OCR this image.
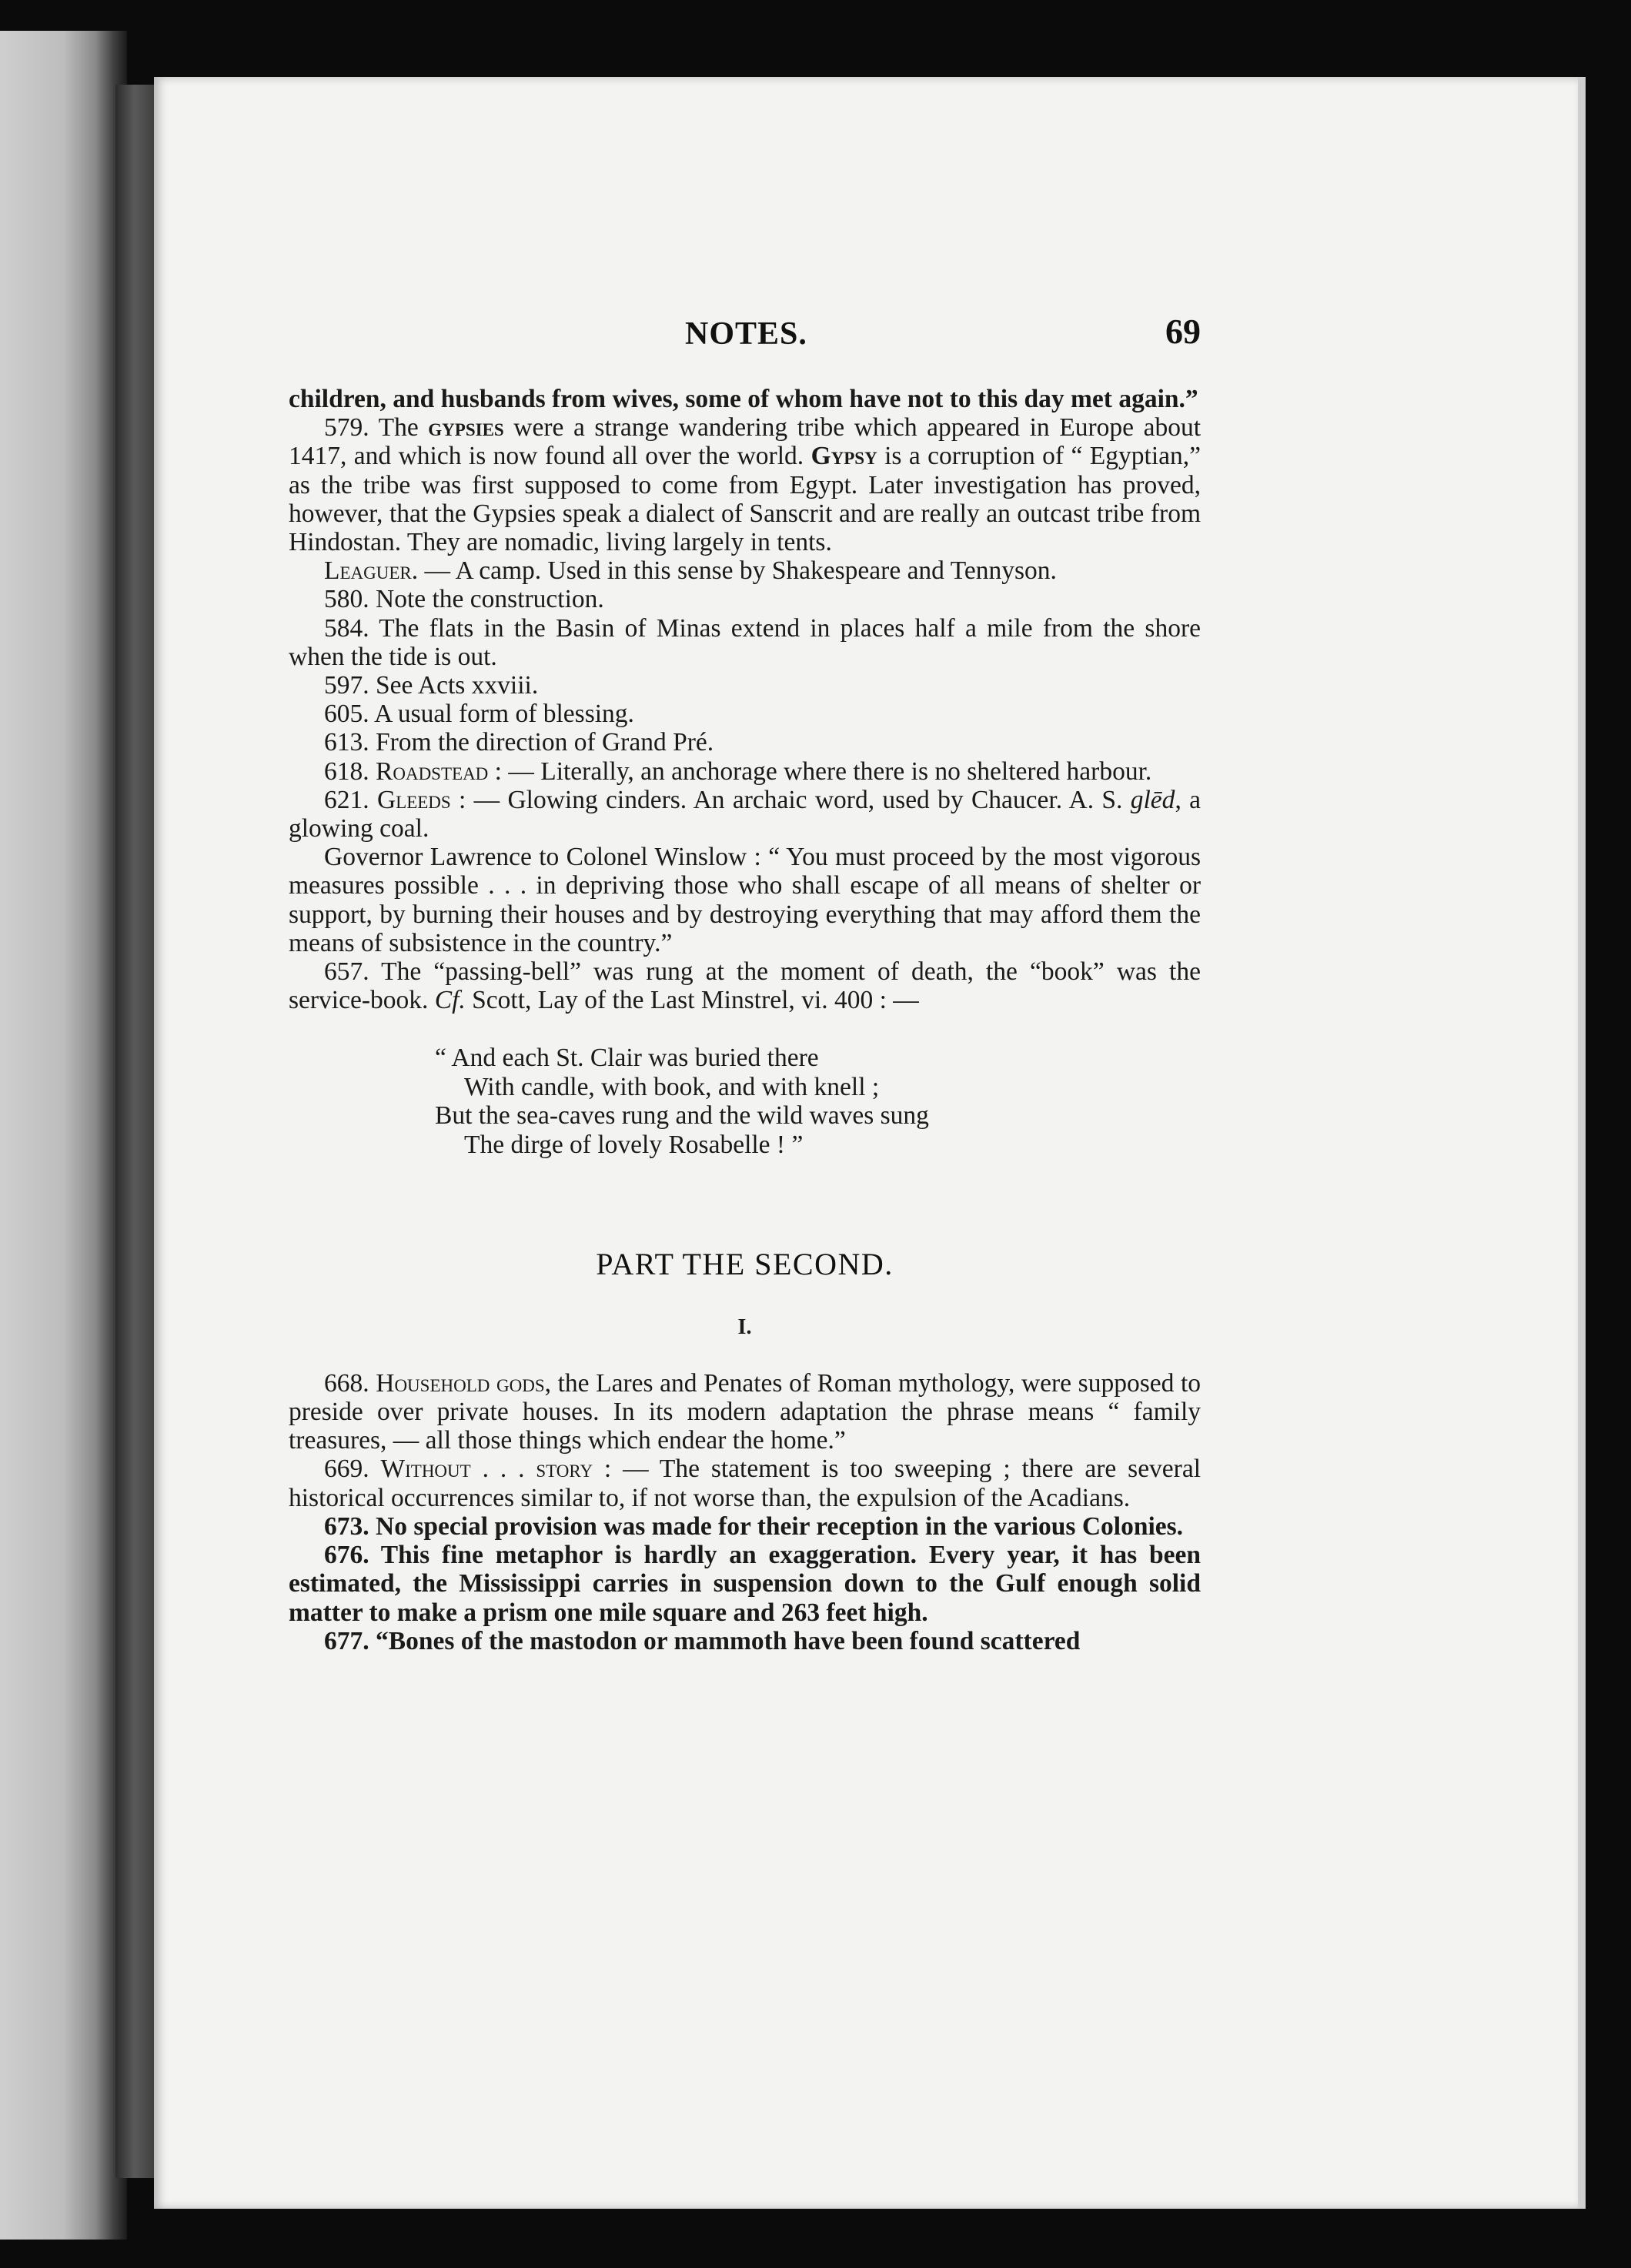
NOTES.	69

children, and husbands from wives, some of whom have not to this day met again.”

579. The gypsies were a strange wandering tribe which appeared in Europe about 1417, and which is now found all over the world. Gypsy is a corruption of “ Egyptian,” as the tribe was first supposed to come from Egypt. Later investigation has proved, however, that the Gypsies speak a dialect of Sanscrit and are really an outcast tribe from Hindostan. They are nomadic, living largely in tents.

Leaguer. — A camp. Used in this sense by Shakespeare and Tennyson.

580. Note the construction.

584. The flats in the Basin of Minas extend in places half a mile from the shore when the tide is out.

597. See Acts xxviii.

605. A usual form of blessing.

613. From the direction of Grand Pré.

618. Roadstead : — Literally, an anchorage where there is no sheltered harbour.

621. Gleeds : — Glowing cinders. An archaic word, used by Chaucer. A. S. glēd, a glowing coal.

Governor Lawrence to Colonel Winslow : “ You must proceed by the most vigorous measures possible . . . in depriving those who shall escape of all means of shelter or support, by burning their houses and by destroying everything that may afford them the means of subsistence in the country.”

657. The “passing-bell” was rung at the moment of death, the “book” was the service-book. Cf. Scott, Lay of the Last Minstrel, vi. 400 : —

“ And each St. Clair was buried there
With candle, with book, and with knell ;
But the sea-caves rung and the wild waves sung
The dirge of lovely Rosabelle ! ”
PART THE SECOND.
I.

668. Household gods, the Lares and Penates of Roman mythology, were supposed to preside over private houses. In its modern adaptation the phrase means “ family treasures, — all those things which endear the home.”

669. Without . . . story : — The statement is too sweeping ; there are several historical occurrences similar to, if not worse than, the expulsion of the Acadians.

673. No special provision was made for their reception in the various Colonies.

676. This fine metaphor is hardly an exaggeration. Every year, it has been estimated, the Mississippi carries in suspension down to the Gulf enough solid matter to make a prism one mile square and 263 feet high.

677. “Bones of the mastodon or mammoth have been found scattered
